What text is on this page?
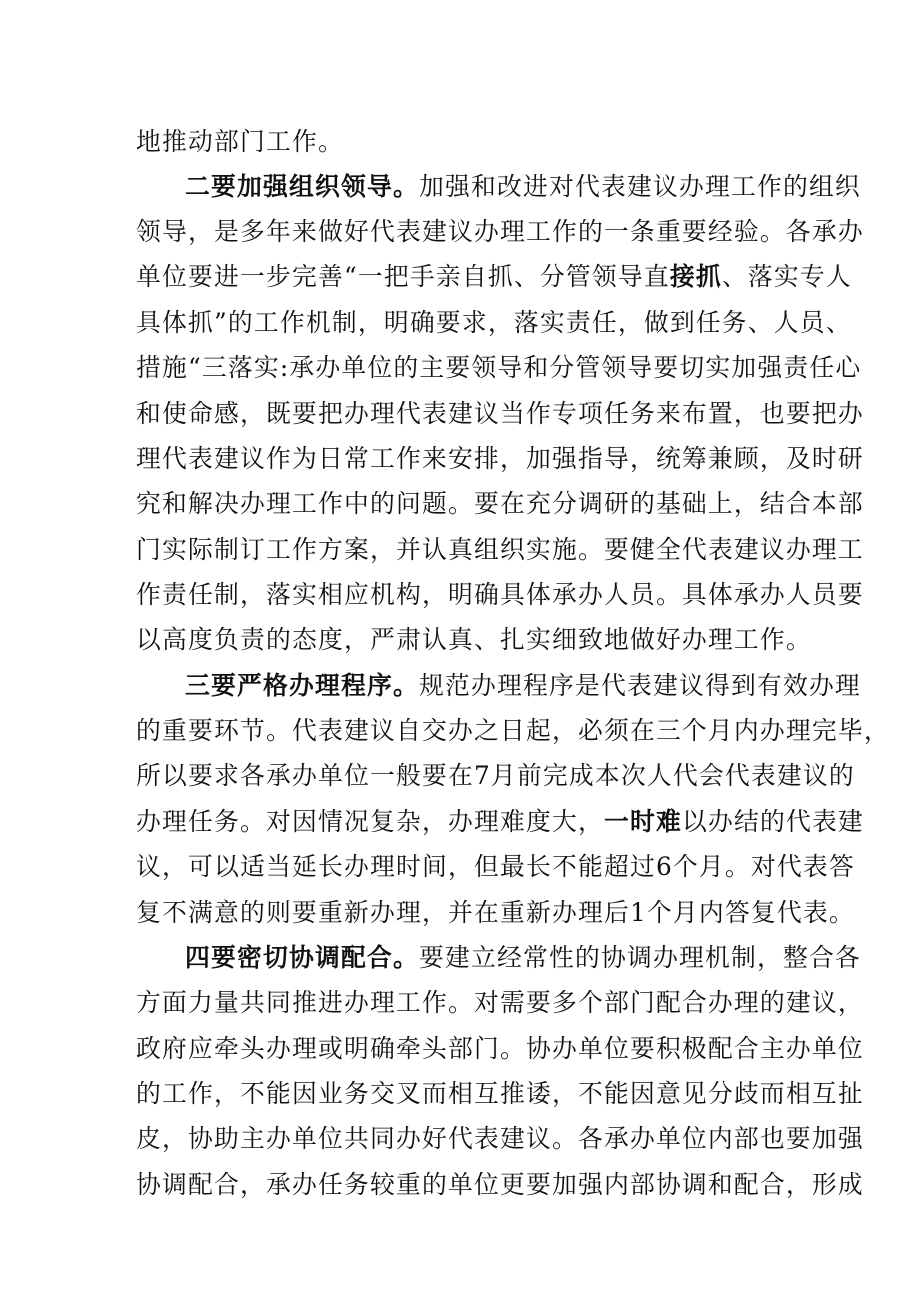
地推动部门工作。
二要加强组织领导。加强和改进对代表建议办理工作的组织
领导，是多年来做好代表建议办理工作的一条重要经验。各承办
单位要进一步完善“一把手亲自抓、分管领导直接抓、落实专人
具体抓”的工作机制，明确要求，落实责任，做到任务、人员、
措施“三落实:承办单位的主要领导和分管领导要切实加强责任心
和使命感，既要把办理代表建议当作专项任务来布置，也要把办
理代表建议作为日常工作来安排，加强指导，统筹兼顾，及时研
究和解决办理工作中的问题。要在充分调研的基础上，结合本部
门实际制订工作方案，并认真组织实施。要健全代表建议办理工
作责任制，落实相应机构，明确具体承办人员。具体承办人员要
以高度负责的态度，严肃认真、扎实细致地做好办理工作。
三要严格办理程序。规范办理程序是代表建议得到有效办理
的重要环节。代表建议自交办之日起，必须在三个月内办理完毕，
所以要求各承办单位一般要在7月前完成本次人代会代表建议的
办理任务。对因情况复杂，办理难度大，一时难以办结的代表建
议，可以适当延长办理时间，但最长不能超过6个月。对代表答
复不满意的则要重新办理，并在重新办理后1个月内答复代表。
四要密切协调配合。要建立经常性的协调办理机制，整合各
方面力量共同推进办理工作。对需要多个部门配合办理的建议，
政府应牵头办理或明确牵头部门。协办单位要积极配合主办单位
的工作，不能因业务交叉而相互推诿，不能因意见分歧而相互扯
皮，协助主办单位共同办好代表建议。各承办单位内部也要加强
协调配合，承办任务较重的单位更要加强内部协调和配合，形成
